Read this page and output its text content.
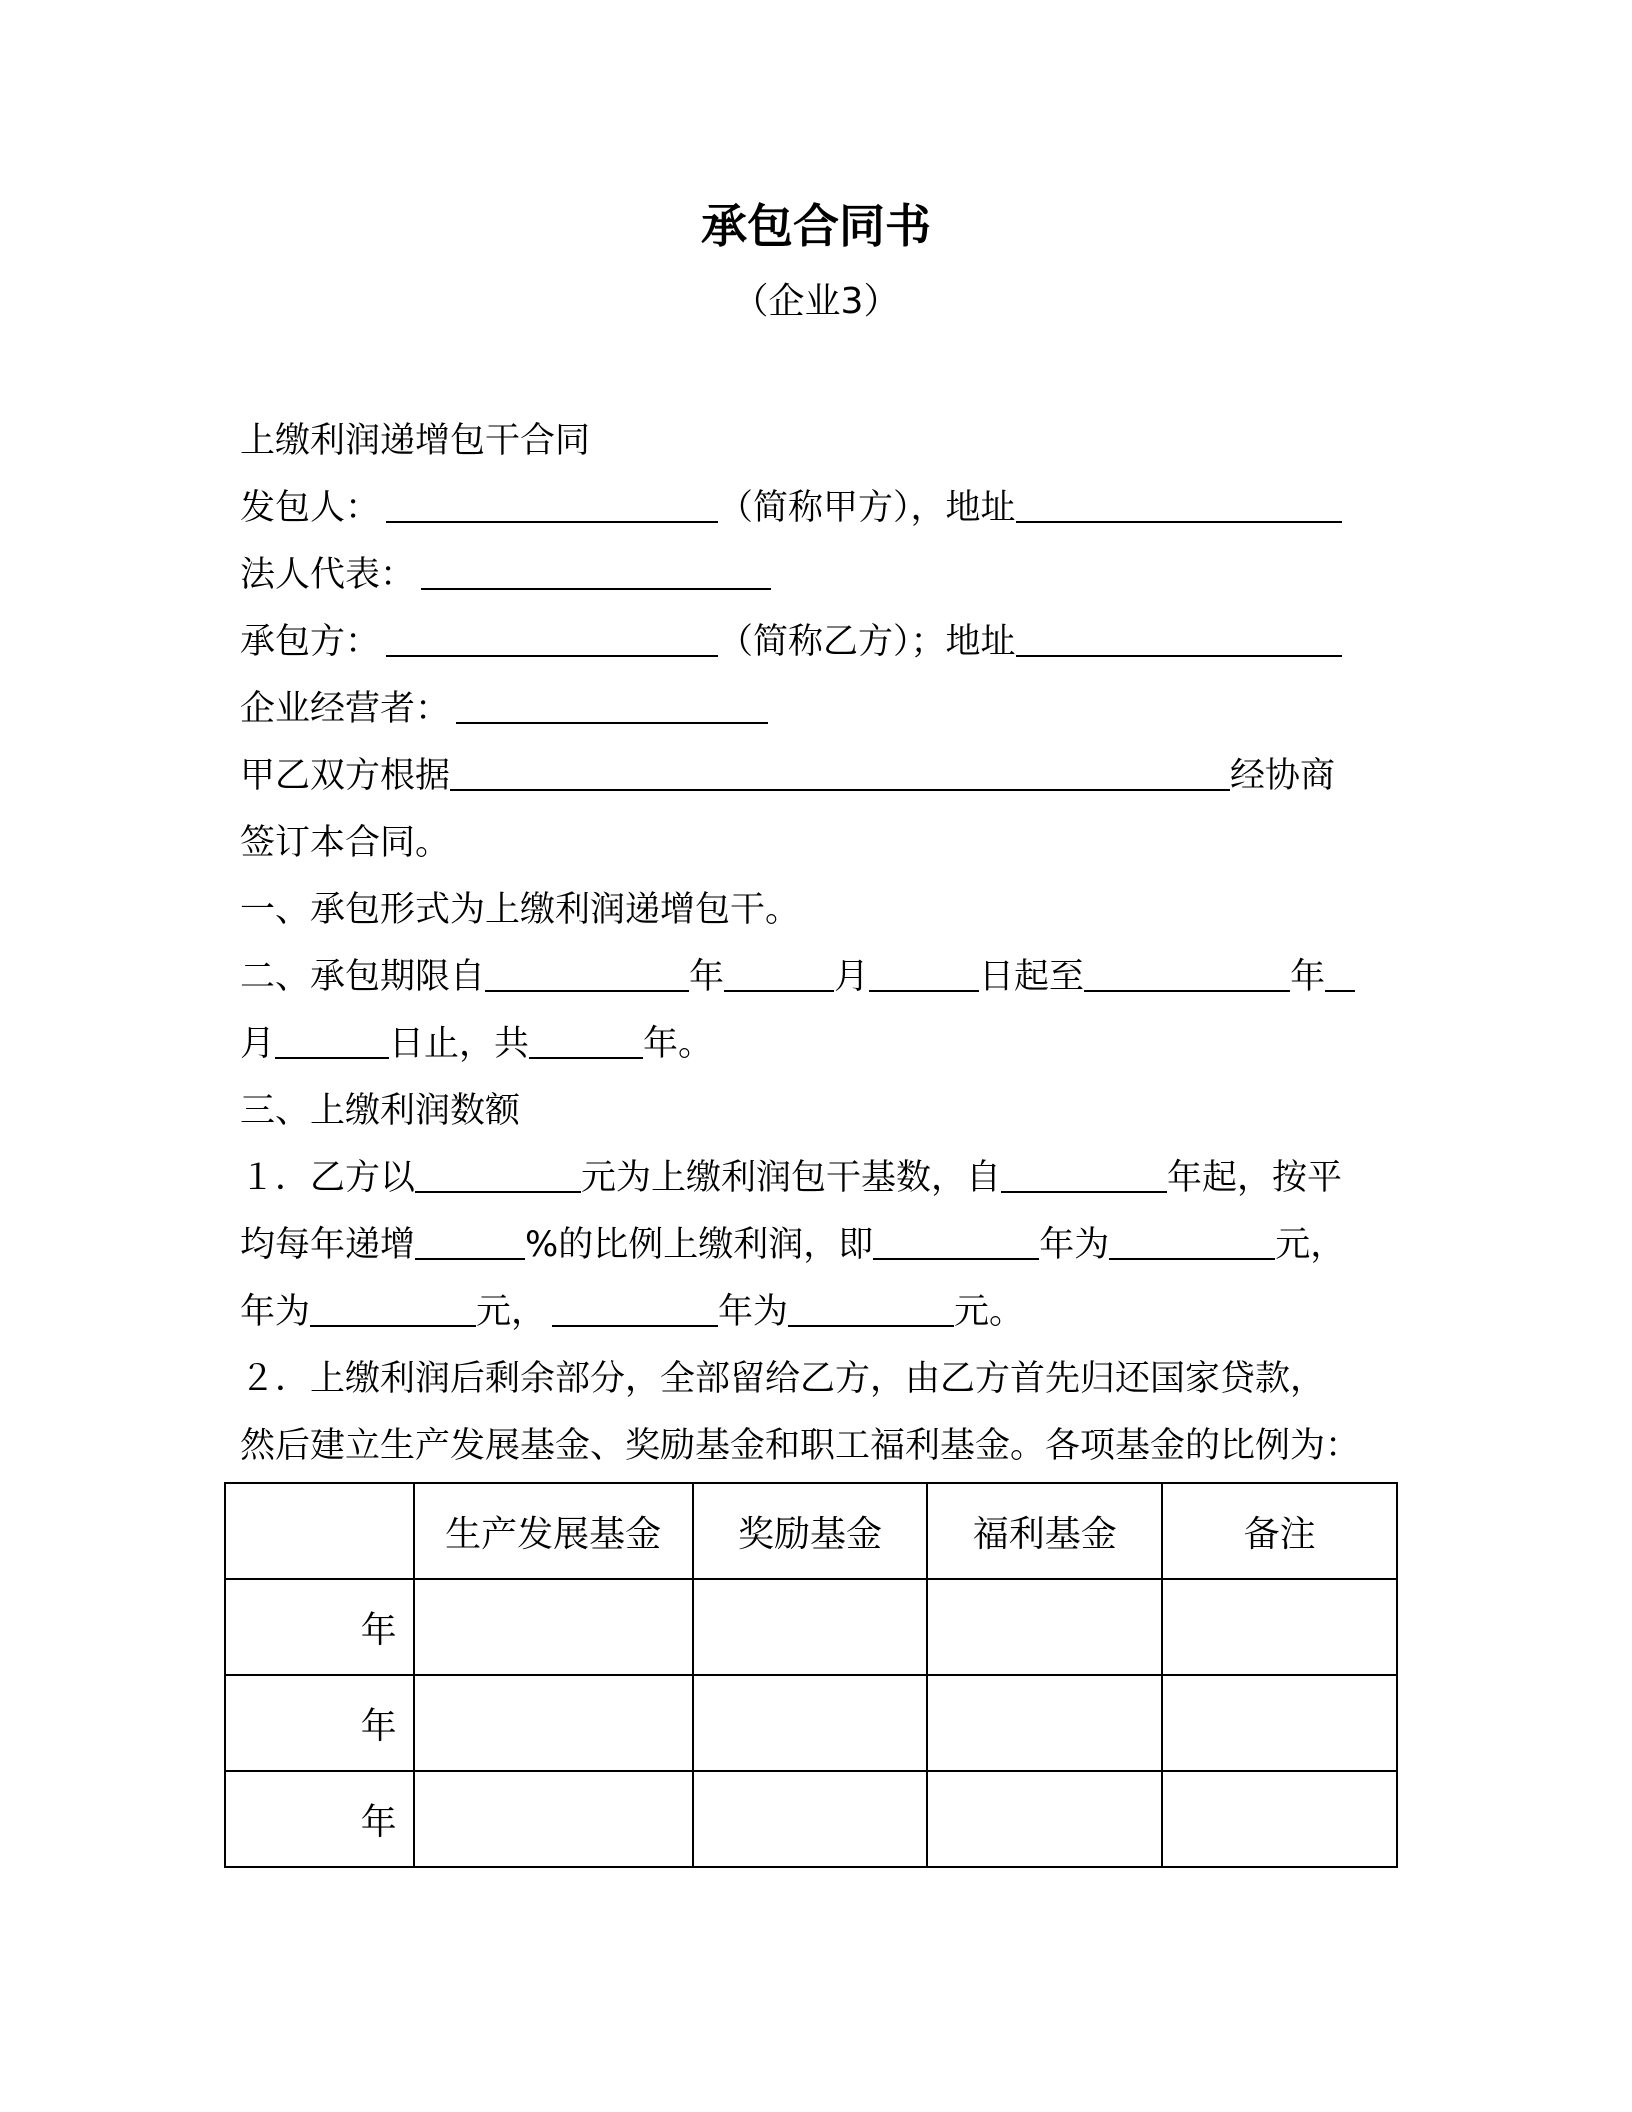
承包合同书
（企业3）
上缴利润递增包干合同
发包人：	（简称甲方），地址
法人代表：
承包方：	（简称乙方）；地址
企业经营者：
甲乙双方根据	经协商
签订本合同。
一、承包形式为上缴利润递增包干。
二、承包期限自	年	月	日起至	年
月	日止，共	年。
三、上缴利润数额
１．乙方以	元为上缴利润包干基数，自	年起，按平
均每年递增	%的比例上缴利润，即	年为	元，
年为	元，	年为	元。
２．上缴利润后剩余部分，全部留给乙方，由乙方首先归还国家贷款，
然后建立生产发展基金、奖励基金和职工福利基金。各项基金的比例为：
	生产发展基金	奖励基金	福利基金	备注
年				
年				
年				
